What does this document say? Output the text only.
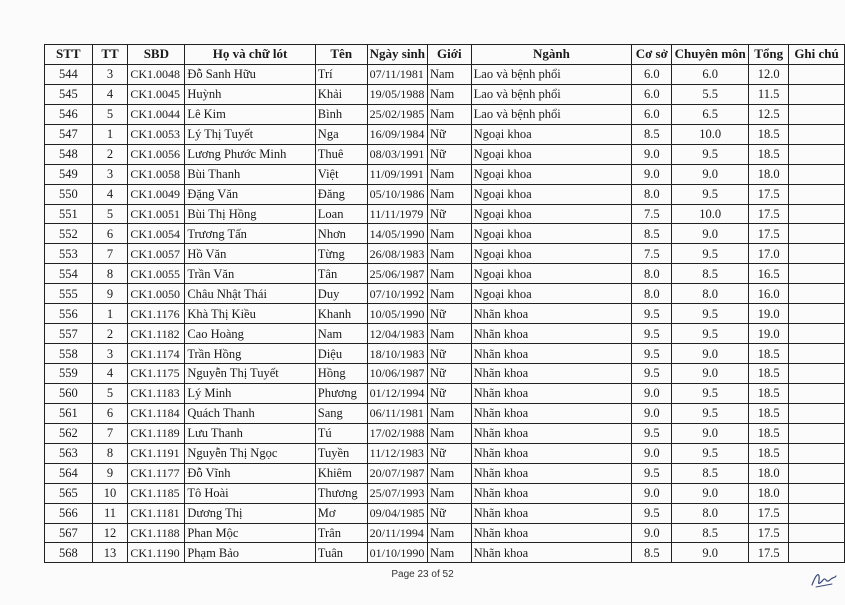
STT	TT	SBD	Họ và chữ lót	Tên	Ngày sinh	Giới	Ngành	Cơ sở	Chuyên môn	Tổng	Ghi chú
544	3	CK1.0048	Đỗ Sanh Hữu	Trí	07/11/1981	Nam	Lao và bệnh phổi	6.0	6.0	12.0	
545	4	CK1.0045	Huỳnh	Khải	19/05/1988	Nam	Lao và bệnh phổi	6.0	5.5	11.5	
546	5	CK1.0044	Lê Kim	Bình	25/02/1985	Nam	Lao và bệnh phổi	6.0	6.5	12.5	
547	1	CK1.0053	Lý Thị Tuyết	Nga	16/09/1984	Nữ	Ngoại khoa	8.5	10.0	18.5	
548	2	CK1.0056	Lương Phước Minh	Thuê	08/03/1991	Nữ	Ngoại khoa	9.0	9.5	18.5	
549	3	CK1.0058	Bùi Thanh	Việt	11/09/1991	Nam	Ngoại khoa	9.0	9.0	18.0	
550	4	CK1.0049	Đặng Văn	Đăng	05/10/1986	Nam	Ngoại khoa	8.0	9.5	17.5	
551	5	CK1.0051	Bùi Thị Hồng	Loan	11/11/1979	Nữ	Ngoại khoa	7.5	10.0	17.5	
552	6	CK1.0054	Trương Tấn	Nhơn	14/05/1990	Nam	Ngoại khoa	8.5	9.0	17.5	
553	7	CK1.0057	Hồ Văn	Từng	26/08/1983	Nam	Ngoại khoa	7.5	9.5	17.0	
554	8	CK1.0055	Trần Văn	Tân	25/06/1987	Nam	Ngoại khoa	8.0	8.5	16.5	
555	9	CK1.0050	Châu Nhật Thái	Duy	07/10/1992	Nam	Ngoại khoa	8.0	8.0	16.0	
556	1	CK1.1176	Khà Thị Kiều	Khanh	10/05/1990	Nữ	Nhãn khoa	9.5	9.5	19.0	
557	2	CK1.1182	Cao Hoàng	Nam	12/04/1983	Nam	Nhãn khoa	9.5	9.5	19.0	
558	3	CK1.1174	Trần Hồng	Diệu	18/10/1983	Nữ	Nhãn khoa	9.5	9.0	18.5	
559	4	CK1.1175	Nguyễn Thị Tuyết	Hồng	10/06/1987	Nữ	Nhãn khoa	9.5	9.0	18.5	
560	5	CK1.1183	Lý Minh	Phương	01/12/1994	Nữ	Nhãn khoa	9.0	9.5	18.5	
561	6	CK1.1184	Quách Thanh	Sang	06/11/1981	Nam	Nhãn khoa	9.0	9.5	18.5	
562	7	CK1.1189	Lưu Thanh	Tú	17/02/1988	Nam	Nhãn khoa	9.5	9.0	18.5	
563	8	CK1.1191	Nguyễn Thị Ngọc	Tuyền	11/12/1983	Nữ	Nhãn khoa	9.0	9.5	18.5	
564	9	CK1.1177	Đỗ Vĩnh	Khiêm	20/07/1987	Nam	Nhãn khoa	9.5	8.5	18.0	
565	10	CK1.1185	Tô Hoài	Thương	25/07/1993	Nam	Nhãn khoa	9.0	9.0	18.0	
566	11	CK1.1181	Dương Thị	Mơ	09/04/1985	Nữ	Nhãn khoa	9.5	8.0	17.5	
567	12	CK1.1188	Phan Mộc	Trân	20/11/1994	Nam	Nhãn khoa	9.0	8.5	17.5	
568	13	CK1.1190	Phạm Bảo	Tuân	01/10/1990	Nam	Nhãn khoa	8.5	9.0	17.5	
Page 23 of 52
